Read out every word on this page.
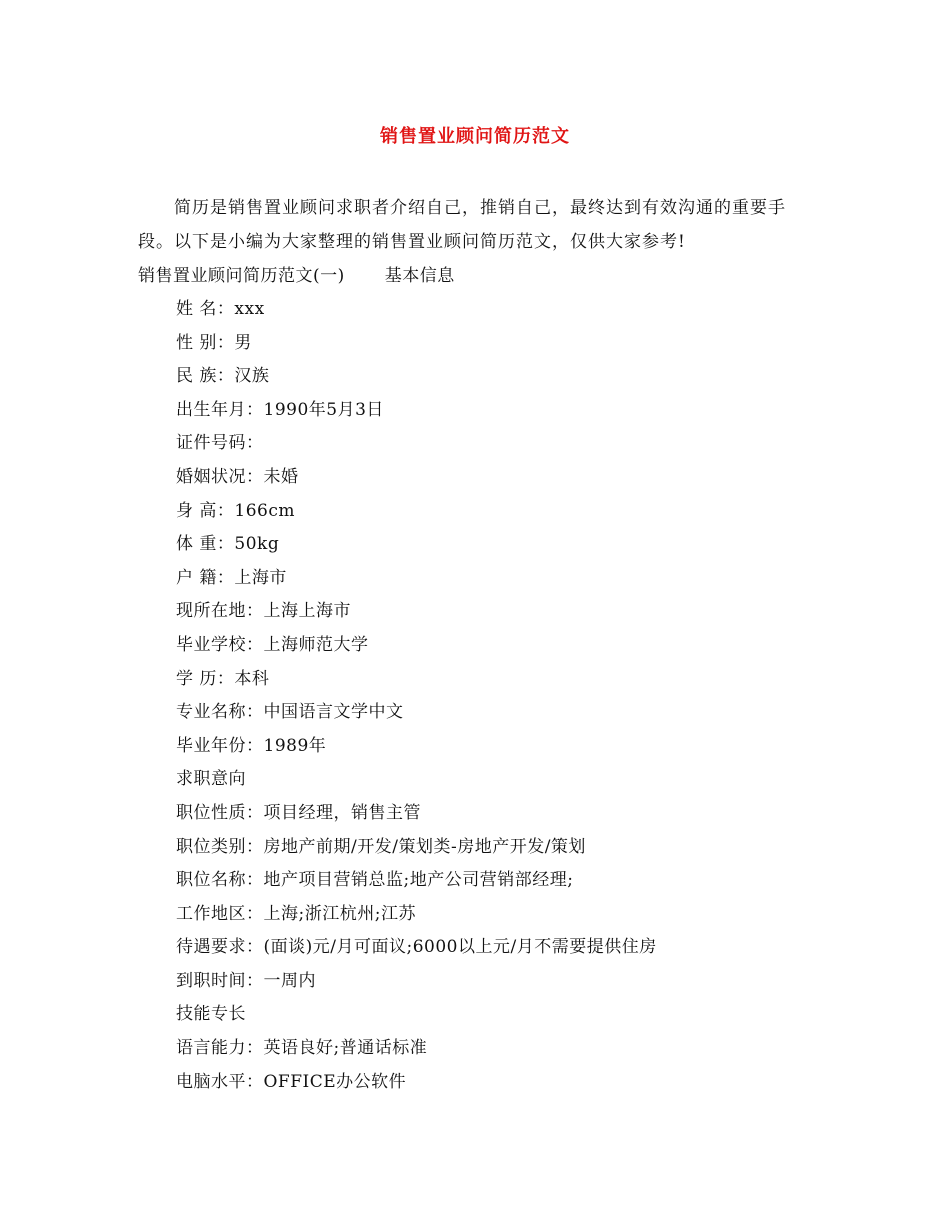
销售置业顾问简历范文

简历是销售置业顾问求职者介绍自己，推销自己，最终达到有效沟通的重要手段。以下是小编为大家整理的销售置业顾问简历范文，仅供大家参考!

销售置业顾问简历范文(一) 基本信息
姓 名：xxx
性 别：男
民 族：汉族
出生年月：1990年5月3日
证件号码：
婚姻状况：未婚
身 高：166cm
体 重：50kg
户 籍：上海市
现所在地：上海上海市
毕业学校：上海师范大学
学 历：本科
专业名称：中国语言文学中文
毕业年份：1989年
求职意向
职位性质：项目经理，销售主管
职位类别：房地产前期/开发/策划类-房地产开发/策划
职位名称：地产项目营销总监;地产公司营销部经理;
工作地区：上海;浙江杭州;江苏
待遇要求：(面谈)元/月可面议;6000以上元/月不需要提供住房
到职时间：一周内
技能专长
语言能力：英语良好;普通话标准
电脑水平：OFFICE办公软件
